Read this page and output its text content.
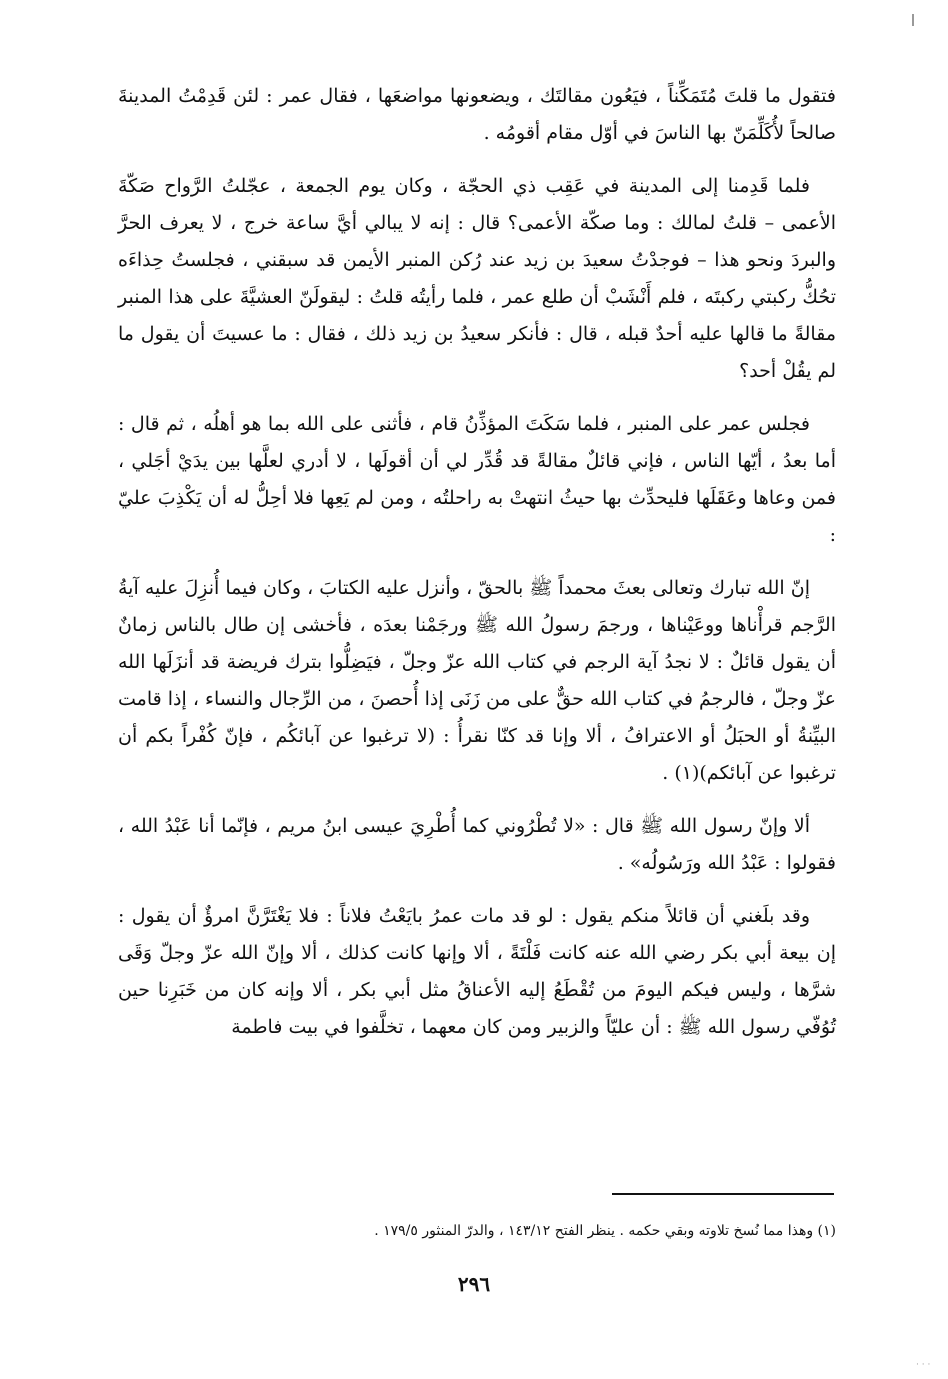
فتقول ما قلتَ مُتَمَكِّناً ، فيَعُون مقالتَك ، ويضعونها مواضعَها ، فقال عمر : لئن قَدِمْتُ المدينةَ صالحاً لأُكَلِّمَنّ بها الناسَ في أوّل مقام أقومُه .

فلما قَدِمنا إلى المدينة في عَقِب ذي الحجّة ، وكان يوم الجمعة ، عجّلتُ الرَّواح صَكّةَ الأعمى – قلتُ لمالك : وما صكّة الأعمى؟ قال : إنه لا يبالي أيَّ ساعة خرج ، لا يعرف الحرَّ والبردَ ونحو هذا – فوجدْتُ سعيدَ بن زيد عند رُكن المنبر الأيمن قد سبقني ، فجلستُ حِذاءَه تحُكُّ ركبتي ركبتَه ، فلم أَنْشَبْ أن طلع عمر ، فلما رأيتُه قلتُ : ليقولَنّ العشيَّةَ على هذا المنبر مقالةً ما قالها عليه أحدٌ قبله ، قال : فأنكر سعيدُ بن زيد ذلك ، فقال : ما عسيتَ أن يقول ما لم يقُلْ أحد؟

فجلس عمر على المنبر ، فلما سَكَتَ المؤذِّنُ قام ، فأثنى على الله بما هو أهلُه ، ثم قال : أما بعدُ ، أيّها الناس ، فإني قائلٌ مقالةً قد قُدِّر لي أن أقولَها ، لا أدري لعلَّها بين يدَيْ أجَلي ، فمن وعاها وعَقَلَها فليحدِّث بها حيثُ انتهتْ به راحلتُه ، ومن لم يَعِها فلا أحِلُّ له أن يَكْذِبَ عليّ :

إنّ الله تبارك وتعالى بعثَ محمداً ﷺ بالحقّ ، وأنزل عليه الكتابَ ، وكان فيما أُنزِلَ عليه آيةُ الرَّجم قرأْناها ووعَيْناها ، ورجمَ رسولُ الله ﷺ ورجَمْنا بعدَه ، فأخشى إن طال بالناس زمانٌ أن يقول قائلٌ : لا نجدُ آية الرجم في كتاب الله عزّ وجلّ ، فيَضِلُّوا بترك فريضة قد أنزَلَها الله عزّ وجلّ ، فالرجمُ في كتاب الله حقٌّ على من زَنَى إذا أُحصنَ ، من الرِّجال والنساء ، إذا قامت البيِّنةُ أو الحبَلُ أو الاعترافُ ، ألا وإنا قد كنّا نقرأُ : (لا ترغبوا عن آبائكُم ، فإنّ كُفْراً بكم أن ترغبوا عن آبائكم)(١) .

ألا وإنّ رسول الله ﷺ قال : «لا تُطْرُوني كما أُطْرِيَ عيسى ابنُ مريم ، فإنّما أنا عَبْدُ الله ، فقولوا : عَبْدُ الله ورَسُولُه» .

وقد بلَغني أن قائلاً منكم يقول : لو قد مات عمرُ بايَعْتُ فلاناً : فلا يَغْتَرَّنَّ امرؤٌ أن يقول : إن بيعة أبي بكر رضي الله عنه كانت فَلْتَةً ، ألا وإنها كانت كذلك ، ألا وإنّ الله عزّ وجلّ وَقَى شرَّها ، وليس فيكم اليومَ من تُقْطَعُ إليه الأعناقُ مثل أبي بكر ، ألا وإنه كان من خَبَرِنا حين تُوُفّي رسول الله ﷺ : أن عليّاً والزبير ومن كان معهما ، تخلَّفوا في بيت فاطمة

(١) وهذا مما نُسخ تلاوته وبقي حكمه . ينظر الفتح ١٤٣/١٢ ، والدرّ المنثور ١٧٩/٥ .
٢٩٦
· · ·
